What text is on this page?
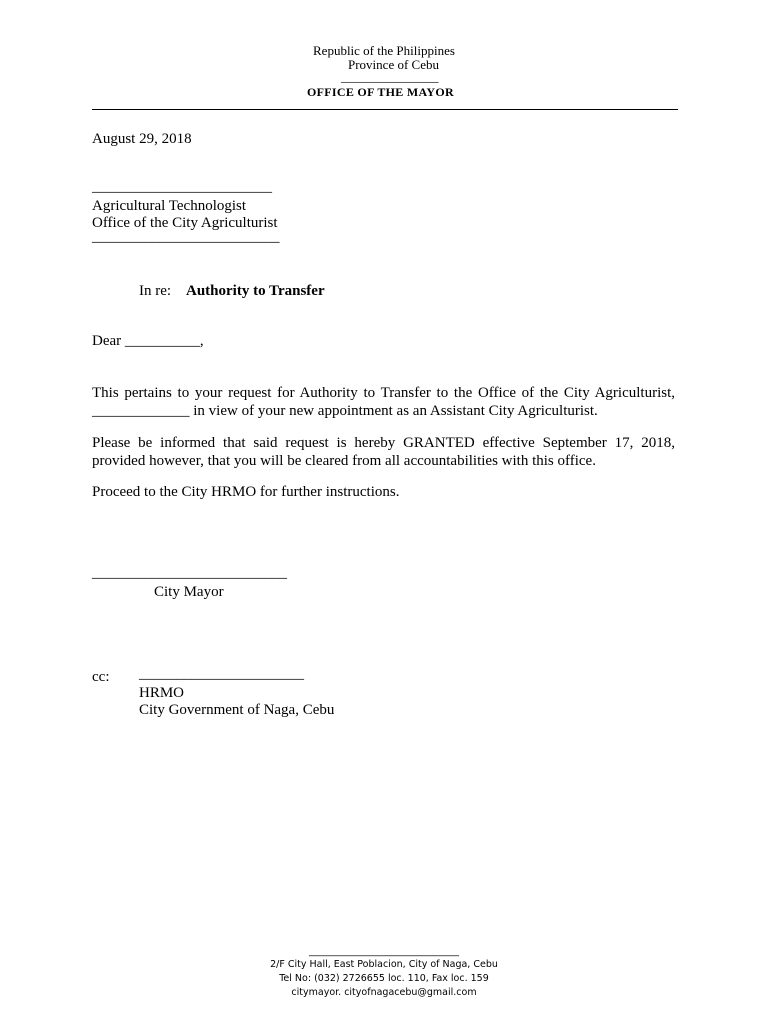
Republic of the Philippines
Province of Cebu
_______________
OFFICE OF THE MAYOR
August 29, 2018
________________________
Agricultural Technologist
Office of the City Agriculturist
_________________________
In re: Authority to Transfer
Dear __________,
This pertains to your request for Authority to Transfer to the Office of the City Agriculturist, _____________ in view of your new appointment as an Assistant City Agriculturist.
Please be informed that said request is hereby GRANTED effective September 17, 2018, provided however, that you will be cleared from all accountabilities with this office.
Proceed to the City HRMO for further instructions.
__________________________
City Mayor
cc: ______________________
HRMO
City Government of Naga, Cebu
______________________________
2/F City Hall, East Poblacion, City of Naga, Cebu
Tel No: (032) 2726655 loc. 110, Fax loc. 159
citymayor. cityofnagacebu@gmail.com
